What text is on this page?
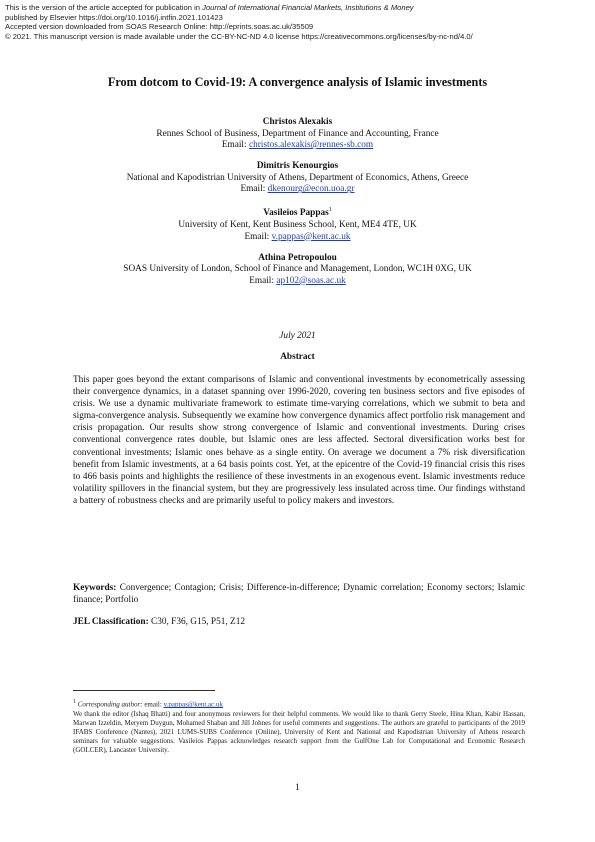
This is the version of the article accepted for publication in Journal of International Financial Markets, Institutions & Money
published by Elsevier https://doi.org/10.1016/j.intfin.2021.101423
Accepted version downloaded from SOAS Research Online: http://eprints.soas.ac.uk/35509
© 2021. This manuscript version is made available under the CC-BY-NC-ND 4.0 license https://creativecommons.org/licenses/by-nc-nd/4.0/
From dotcom to Covid-19: A convergence analysis of Islamic investments
Christos Alexakis
Rennes School of Business, Department of Finance and Accounting, France
Email: christos.alexakis@rennes-sb.com
Dimitris Kenourgios
National and Kapodistrian University of Athens, Department of Economics, Athens, Greece
Email: dkenourg@econ.uoa.gr
Vasileios Pappas$^1$
University of Kent, Kent Business School, Kent, ME4 4TE, UK
Email: v.pappas@kent.ac.uk
Athina Petropoulou
SOAS University of London, School of Finance and Management, London, WC1H 0XG, UK
Email: ap102@soas.ac.uk
July 2021
Abstract
This paper goes beyond the extant comparisons of Islamic and conventional investments by econometrically assessing their convergence dynamics, in a dataset spanning over 1996-2020, covering ten business sectors and five episodes of crisis. We use a dynamic multivariate framework to estimate time-varying correlations, which we submit to beta and sigma-convergence analysis. Subsequently we examine how convergence dynamics affect portfolio risk management and crisis propagation. Our results show strong convergence of Islamic and conventional investments. During crises conventional convergence rates double, but Islamic ones are less affected. Sectoral diversification works best for conventional investments; Islamic ones behave as a single entity. On average we document a 7% risk diversification benefit from Islamic investments, at a 64 basis points cost. Yet, at the epicentre of the Covid-19 financial crisis this rises to 466 basis points and highlights the resilience of these investments in an exogenous event. Islamic investments reduce volatility spillovers in the financial system, but they are progressively less insulated across time. Our findings withstand a battery of robustness checks and are primarily useful to policy makers and investors.
Keywords: Convergence; Contagion; Crisis; Difference-in-difference; Dynamic correlation; Economy sectors; Islamic finance; Portfolio
JEL Classification: C30, F36, G15, P51, Z12
$^1$ Corresponding author: email: v.pappas@kent.ac.uk
We thank the editor (Ishaq Bhatti) and four anonymous reviewers for their helpful comments. We would like to thank Gerry Steele, Hina Khan, Kabir Hassan, Marwan Izzeldin, Meryem Duygun, Mohamed Shaban and Jill Johnes for useful comments and suggestions. The authors are grateful to participants of the 2019 IFABS Conference (Nantes), 2021 LUMS-SUBS Conference (Online), University of Kent and National and Kapodistrian University of Athens research seminars for valuable suggestions. Vasileios Pappas acknowledges research support from the GulfOne Lab for Computational and Economic Research (GOLCER), Lancaster University.
1
